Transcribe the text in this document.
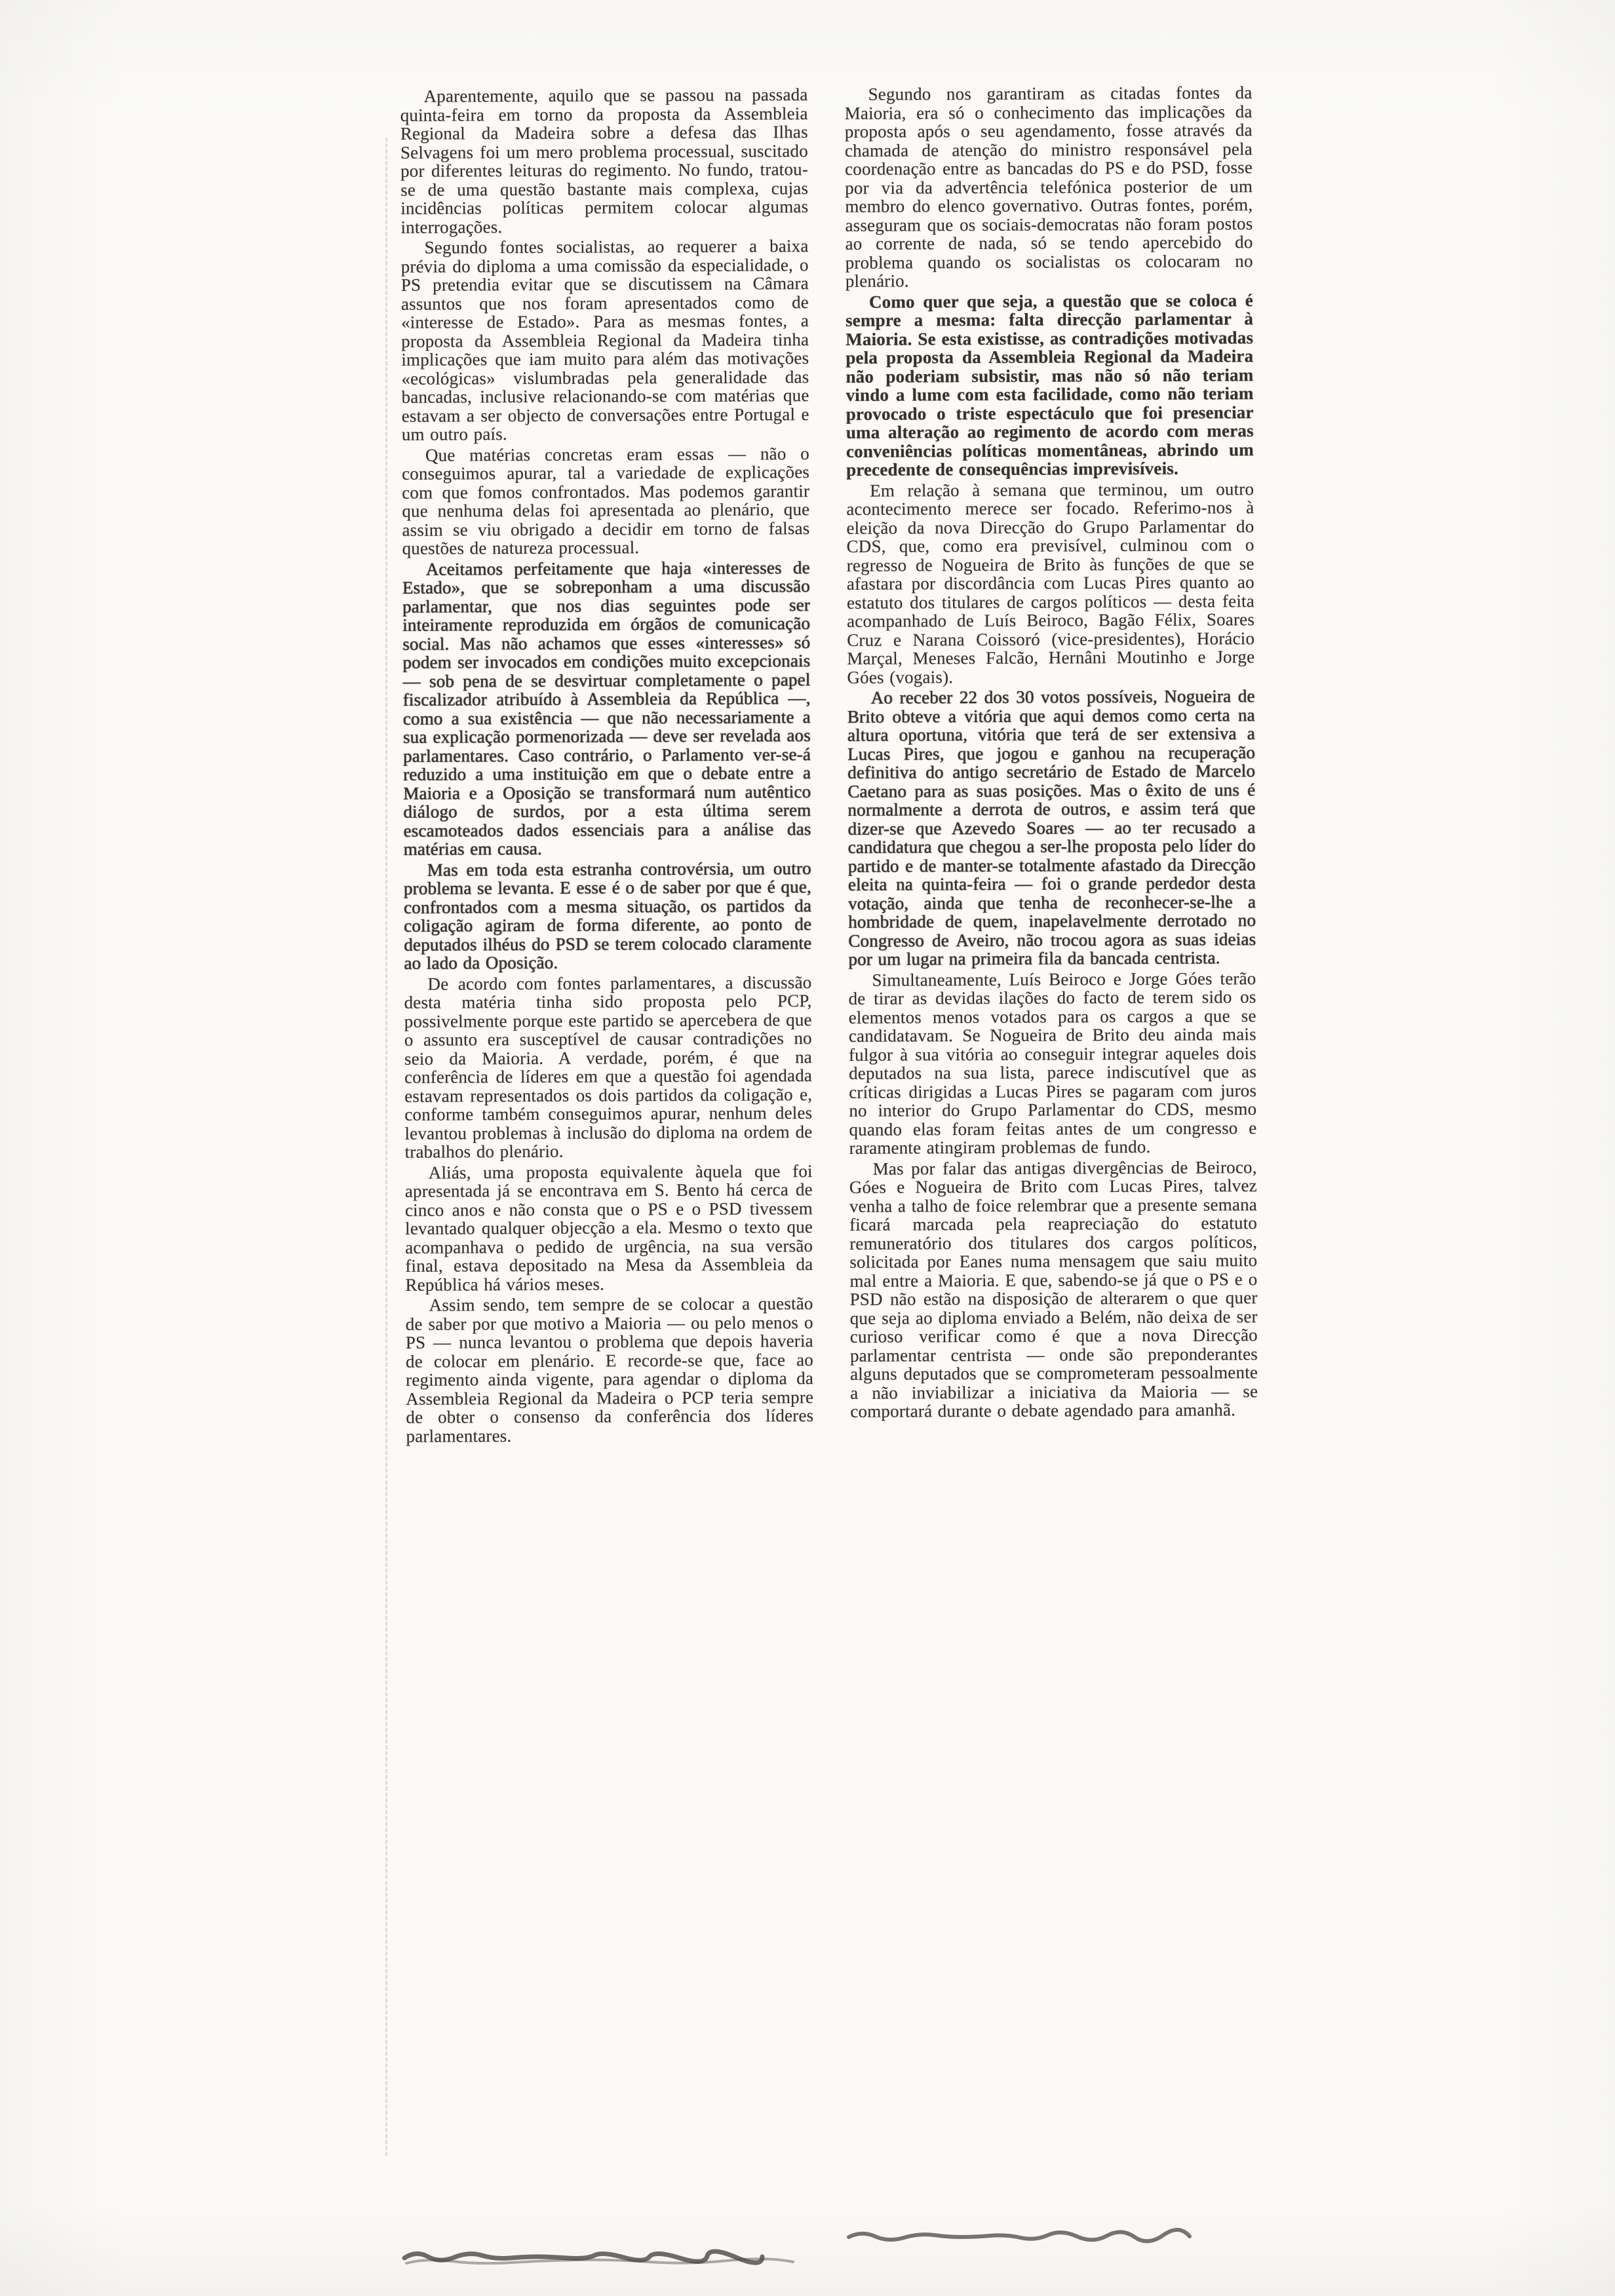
Aparentemente, aquilo que se passou na passada quinta-feira em torno da proposta da Assembleia Regional da Madeira sobre a defesa das Ilhas Selvagens foi um mero problema processual, suscitado por diferentes leituras do regimento. No fundo, tratou-se de uma questão bastante mais complexa, cujas incidências políticas permitem colocar algumas interrogações.

Segundo fontes socialistas, ao requerer a baixa prévia do diploma a uma comissão da especialidade, o PS pretendia evitar que se discutissem na Câmara assuntos que nos foram apresentados como de «interesse de Estado». Para as mesmas fontes, a proposta da Assembleia Regional da Madeira tinha implicações que iam muito para além das motivações «ecológicas» vislumbradas pela generalidade das bancadas, inclusive relacionando-se com matérias que estavam a ser objecto de conversações entre Portugal e um outro país.

Que matérias concretas eram essas — não o conseguimos apurar, tal a variedade de explicações com que fomos confrontados. Mas podemos garantir que nenhuma delas foi apresentada ao plenário, que assim se viu obrigado a decidir em torno de falsas questões de natureza processual.

Aceitamos perfeitamente que haja «interesses de Estado», que se sobreponham a uma discussão parlamentar, que nos dias seguintes pode ser inteiramente reproduzida em órgãos de comunicação social. Mas não achamos que esses «interesses» só podem ser invocados em condições muito excepcionais — sob pena de se desvirtuar completamente o papel fiscalizador atribuído à Assembleia da República —, como a sua existência — que não necessariamente a sua explicação pormenorizada — deve ser revelada aos parlamentares. Caso contrário, o Parlamento ver-se-á reduzido a uma instituição em que o debate entre a Maioria e a Oposição se transformará num autêntico diálogo de surdos, por a esta última serem escamoteados dados essenciais para a análise das matérias em causa.

Mas em toda esta estranha controvérsia, um outro problema se levanta. E esse é o de saber por que é que, confrontados com a mesma situação, os partidos da coligação agiram de forma diferente, ao ponto de deputados ilhéus do PSD se terem colocado claramente ao lado da Oposição.

De acordo com fontes parlamentares, a discussão desta matéria tinha sido proposta pelo PCP, possivelmente porque este partido se apercebera de que o assunto era susceptível de causar contradições no seio da Maioria. A verdade, porém, é que na conferência de líderes em que a questão foi agendada estavam representados os dois partidos da coligação e, conforme também conseguimos apurar, nenhum deles levantou problemas à inclusão do diploma na ordem de trabalhos do plenário.

Aliás, uma proposta equivalente àquela que foi apresentada já se encontrava em S. Bento há cerca de cinco anos e não consta que o PS e o PSD tivessem levantado qualquer objecção a ela. Mesmo o texto que acompanhava o pedido de urgência, na sua versão final, estava depositado na Mesa da Assembleia da República há vários meses.

Assim sendo, tem sempre de se colocar a questão de saber por que motivo a Maioria — ou pelo menos o PS — nunca levantou o problema que depois haveria de colocar em plenário. E recorde-se que, face ao regimento ainda vigente, para agendar o diploma da Assembleia Regional da Madeira o PCP teria sempre de obter o consenso da conferência dos líderes parlamentares.

Segundo nos garantiram as citadas fontes da Maioria, era só o conhecimento das implicações da proposta após o seu agendamento, fosse através da chamada de atenção do ministro responsável pela coordenação entre as bancadas do PS e do PSD, fosse por via da advertência telefónica posterior de um membro do elenco governativo. Outras fontes, porém, asseguram que os sociais-democratas não foram postos ao corrente de nada, só se tendo apercebido do problema quando os socialistas os colocaram no plenário.

Como quer que seja, a questão que se coloca é sempre a mesma: falta direcção parlamentar à Maioria. Se esta existisse, as contradições motivadas pela proposta da Assembleia Regional da Madeira não poderiam subsistir, mas não só não teriam vindo a lume com esta facilidade, como não teriam provocado o triste espectáculo que foi presenciar uma alteração ao regimento de acordo com meras conveniências políticas momentâneas, abrindo um precedente de consequências imprevisíveis.

Em relação à semana que terminou, um outro acontecimento merece ser focado. Referimo-nos à eleição da nova Direcção do Grupo Parlamentar do CDS, que, como era previsível, culminou com o regresso de Nogueira de Brito às funções de que se afastara por discordância com Lucas Pires quanto ao estatuto dos titulares de cargos políticos — desta feita acompanhado de Luís Beiroco, Bagão Félix, Soares Cruz e Narana Coissoró (vice-presidentes), Horácio Marçal, Meneses Falcão, Hernâni Moutinho e Jorge Góes (vogais).

Ao receber 22 dos 30 votos possíveis, Nogueira de Brito obteve a vitória que aqui demos como certa na altura oportuna, vitória que terá de ser extensiva a Lucas Pires, que jogou e ganhou na recuperação definitiva do antigo secretário de Estado de Marcelo Caetano para as suas posições. Mas o êxito de uns é normalmente a derrota de outros, e assim terá que dizer-se que Azevedo Soares — ao ter recusado a candidatura que chegou a ser-lhe proposta pelo líder do partido e de manter-se totalmente afastado da Direcção eleita na quinta-feira — foi o grande perdedor desta votação, ainda que tenha de reconhecer-se-lhe a hombridade de quem, inapelavelmente derrotado no Congresso de Aveiro, não trocou agora as suas ideias por um lugar na primeira fila da bancada centrista.

Simultaneamente, Luís Beiroco e Jorge Góes terão de tirar as devidas ilações do facto de terem sido os elementos menos votados para os cargos a que se candidatavam. Se Nogueira de Brito deu ainda mais fulgor à sua vitória ao conseguir integrar aqueles dois deputados na sua lista, parece indiscutível que as críticas dirigidas a Lucas Pires se pagaram com juros no interior do Grupo Parlamentar do CDS, mesmo quando elas foram feitas antes de um congresso e raramente atingiram problemas de fundo.

Mas por falar das antigas divergências de Beiroco, Góes e Nogueira de Brito com Lucas Pires, talvez venha a talho de foice relembrar que a presente semana ficará marcada pela reapreciação do estatuto remuneratório dos titulares dos cargos políticos, solicitada por Eanes numa mensagem que saiu muito mal entre a Maioria. E que, sabendo-se já que o PS e o PSD não estão na disposição de alterarem o que quer que seja ao diploma enviado a Belém, não deixa de ser curioso verificar como é que a nova Direcção parlamentar centrista — onde são preponderantes alguns deputados que se comprometeram pessoalmente a não inviabilizar a iniciativa da Maioria — se comportará durante o debate agendado para amanhã.
